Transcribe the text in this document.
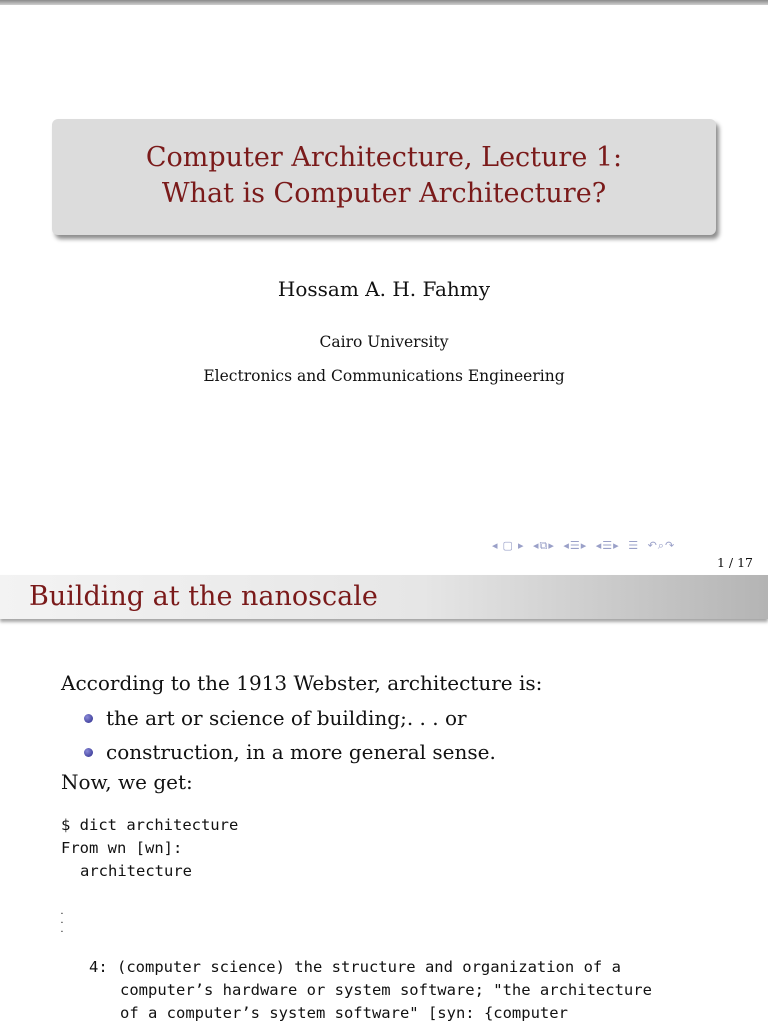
Computer Architecture, Lecture 1:
What is Computer Architecture?
Hossam A. H. Fahmy
Cairo University
Electronics and Communications Engineering
◂ ▢ ▸ ◂⧉▸ ◂☰▸ ◂☰▸ ☰ ↶⌕↷
1 / 17
Building at the nanoscale
According to the 1913 Webster, architecture is:
the art or science of building;. . . or
construction, in a more general sense.
Now, we get:
$ dict architecture
From wn [wn]:
architecture
.
.
.
4: (computer science) the structure and organization of a
computer’s hardware or system software; "the architecture
of a computer’s system software" [syn: {computer
